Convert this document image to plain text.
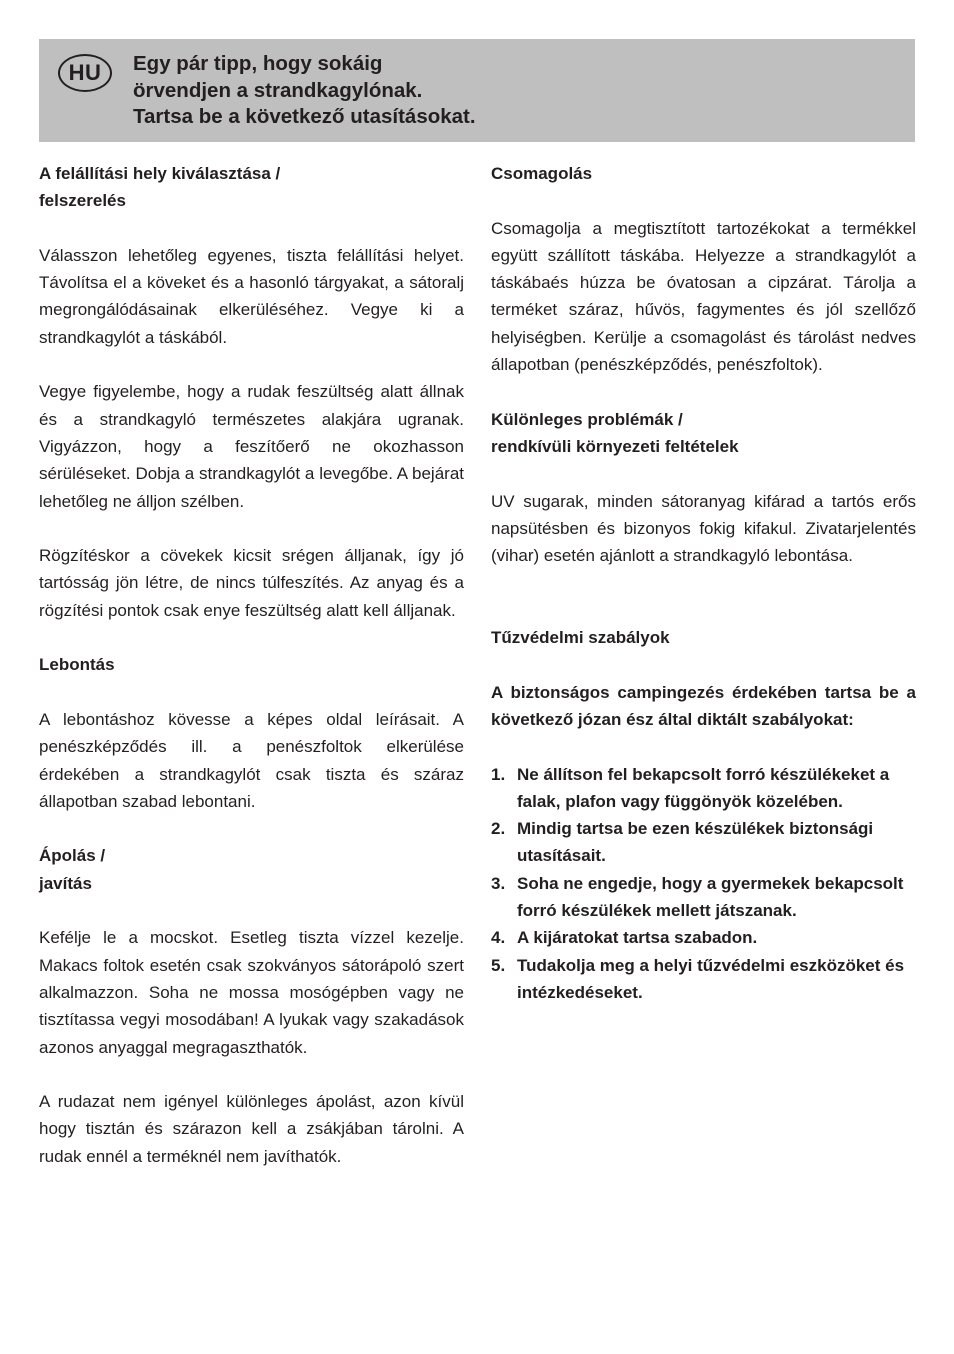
HU	Egy pár tipp, hogy sokáig
örvendjen a strandkagylónak.
Tartsa be a következő utasításokat.
A felállítási hely kiválasztása /
felszerelés

Válasszon lehetőleg egyenes, tiszta felállítási helyet. Távolítsa el a köveket és a hasonló tárgyakat, a sátoralj megrongálódásainak elkerüléséhez. Vegye ki a strandkagylót a táskából.

Vegye figyelembe, hogy a rudak feszültség alatt állnak és a strandkagyló természetes alakjára ugranak. Vigyázzon, hogy a feszítőerő ne okozhasson sérüléseket. Dobja a strandkagylót a levegőbe. A bejárat lehetőleg ne álljon szélben.

Rögzítéskor a cövekek kicsit srégen álljanak, így jó tartósság jön létre, de nincs túlfeszítés. Az anyag és a rögzítési pontok csak enye feszültség alatt kell álljanak.

Lebontás

A lebontáshoz kövesse a képes oldal leírásait. A penészképződés ill. a penészfoltok elkerülése érdekében a strandkagylót csak tiszta és száraz állapotban szabad lebontani.

Ápolás /
javítás

Kefélje le a mocskot. Esetleg tiszta vízzel kezelje. Makacs foltok esetén csak szokványos sátorápoló szert alkalmazzon. Soha ne mossa mosógépben vagy ne tisztítassa vegyi mosodában! A lyukak vagy szakadások azonos anyaggal megragaszthatók.

A rudazat nem igényel különleges ápolást, azon kívül hogy tisztán és szárazon kell a zsákjában tárolni. A rudak ennél a terméknél nem javíthatók.

Csomagolás

Csomagolja a megtisztított tartozékokat a termékkel együtt szállított táskába. Helyezze a strandkagylót a táskábaés húzza be óvatosan a cipzárat. Tárolja a terméket száraz, hűvös, fagymentes és jól szellőző helyiségben. Kerülje a csomagolást és tárolást nedves állapotban (penészképződés, penészfoltok).

Különleges problémák /
rendkívüli környezeti feltételek

UV sugarak, minden sátoranyag kifárad a tartós erős napsütésben és bizonyos fokig kifakul. Zivatarjelentés (vihar) esetén ajánlott a strandkagyló lebontása.

Tűzvédelmi szabályok

A biztonságos campingezés érdekében tartsa be a következő józan ész által diktált szabályokat:

1. Ne állítson fel bekapcsolt forró készülékeket a falak, plafon vagy függönyök közelében.
2. Mindig tartsa be ezen készülékek biztonsági utasításait.
3. Soha ne engedje, hogy a gyermekek bekapcsolt forró készülékek mellett játszanak.
4. A kijáratokat tartsa szabadon.
5. Tudakolja meg a helyi tűzvédelmi eszközöket és intézkedéseket.
